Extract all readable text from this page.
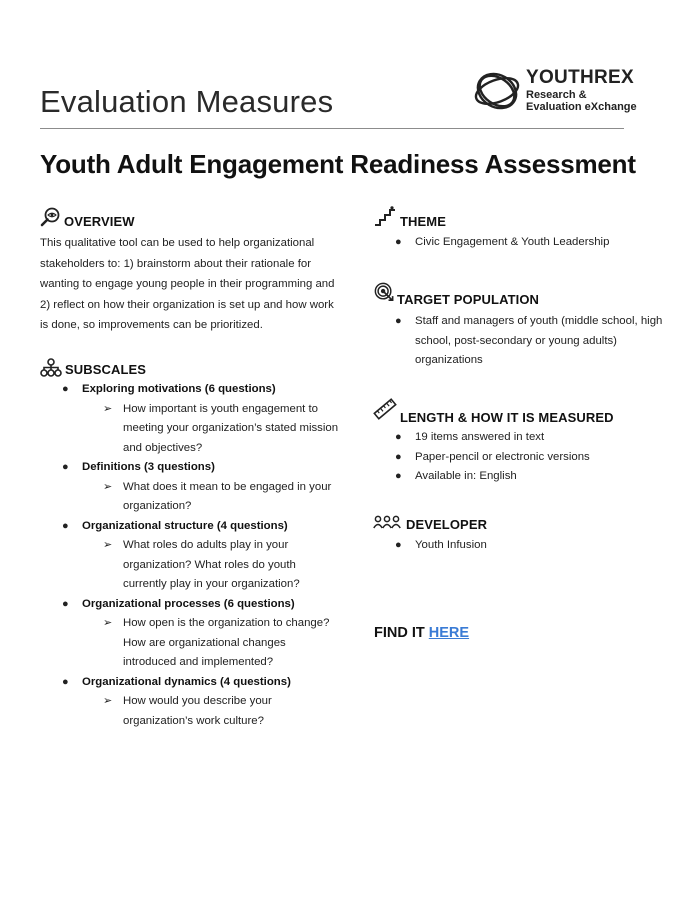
Evaluation Measures
YOUTHREX
Research &
Evaluation eXchange
Youth Adult Engagement Readiness Assessment
OVERVIEW
This qualitative tool can be used to help organizational
stakeholders to: 1) brainstorm about their rationale for
wanting to engage young people in their programming and
2) reflect on how their organization is set up and how work
is done, so improvements can be prioritized.
SUBSCALES
● Exploring motivations (6 questions)
➢ How important is youth engagement to
meeting your organization’s stated mission
and objectives?
● Definitions (3 questions)
➢ What does it mean to be engaged in your
organization?
● Organizational structure (4 questions)
➢ What roles do adults play in your
organization? What roles do youth
currently play in your organization?
● Organizational processes (6 questions)
➢ How open is the organization to change?
How are organizational changes
introduced and implemented?
● Organizational dynamics (4 questions)
➢ How would you describe your
organization’s work culture?
THEME
● Civic Engagement & Youth Leadership
TARGET POPULATION
● Staff and managers of youth (middle school, high
school, post-secondary or young adults)
organizations
LENGTH & HOW IT IS MEASURED
● 19 items answered in text
● Paper-pencil or electronic versions
● Available in: English
DEVELOPER
● Youth Infusion
FIND IT HERE
